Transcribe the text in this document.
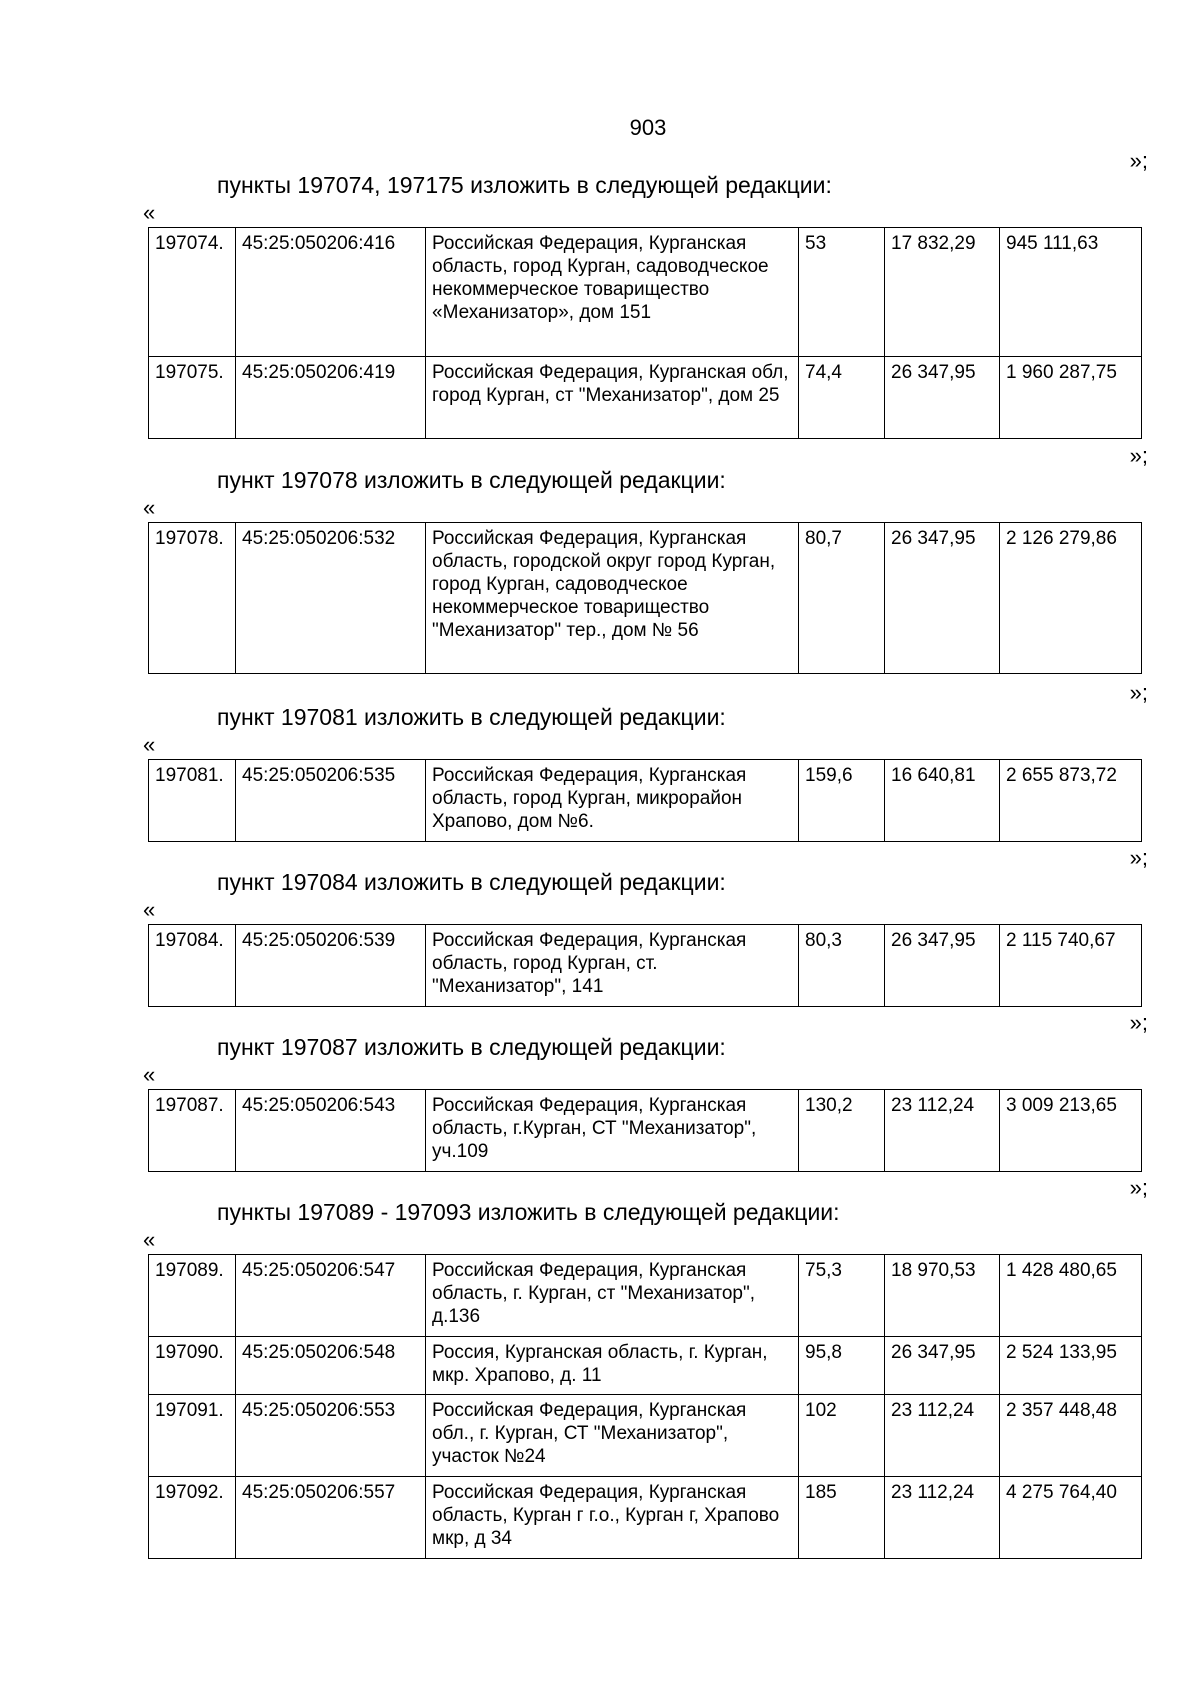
903
»;
пункты 197074, 197175 изложить в следующей редакции:
«
197074.	45:25:050206:416	Российская Федерация, Курганская область, город Курган, садоводческое некоммерческое товарищество «Механизатор», дом 151	53	17 832,29	945 111,63
197075.	45:25:050206:419	Российская Федерация, Курганская обл, город Курган, ст "Механизатор", дом 25	74,4	26 347,95	1 960 287,75
»;
пункт 197078 изложить в следующей редакции:
«
197078.	45:25:050206:532	Российская Федерация, Курганская область, городской округ город Курган, город Курган, садоводческое некоммерческое товарищество "Механизатор" тер., дом № 56	80,7	26 347,95	2 126 279,86
»;
пункт 197081 изложить в следующей редакции:
«
197081.	45:25:050206:535	Российская Федерация, Курганская область, город Курган, микрорайон Храпово, дом №6.	159,6	16 640,81	2 655 873,72
»;
пункт 197084 изложить в следующей редакции:
«
197084.	45:25:050206:539	Российская Федерация, Курганская область, город Курган, ст. "Механизатор", 141	80,3	26 347,95	2 115 740,67
»;
пункт 197087 изложить в следующей редакции:
«
197087.	45:25:050206:543	Российская Федерация, Курганская область, г.Курган, СТ "Механизатор", уч.109	130,2	23 112,24	3 009 213,65
»;
пункты 197089 - 197093 изложить в следующей редакции:
«
197089.	45:25:050206:547	Российская Федерация, Курганская область, г. Курган, ст "Механизатор", д.136	75,3	18 970,53	1 428 480,65
197090.	45:25:050206:548	Россия, Курганская область, г. Курган, мкр. Храпово, д. 11	95,8	26 347,95	2 524 133,95
197091.	45:25:050206:553	Российская Федерация, Курганская обл., г. Курган, СТ "Механизатор", участок №24	102	23 112,24	2 357 448,48
197092.	45:25:050206:557	Российская Федерация, Курганская область, Курган г г.о., Курган г, Храпово мкр, д 34	185	23 112,24	4 275 764,40
